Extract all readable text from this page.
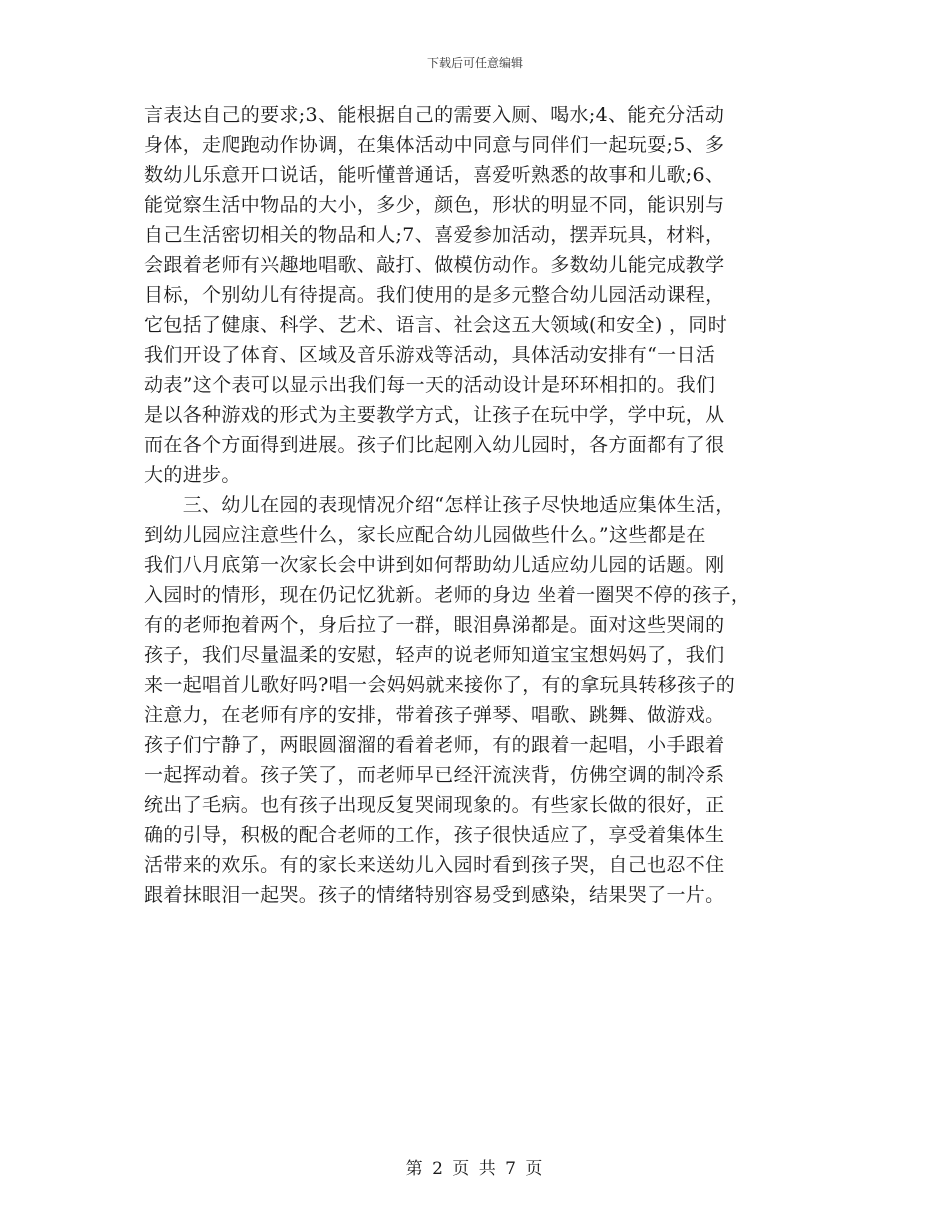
下载后可任意编辑
言表达自己的要求;3、能根据自己的需要入厕、喝水;4、能充分活动
身体，走爬跑动作协调，在集体活动中同意与同伴们一起玩耍;5、多
数幼儿乐意开口说话，能听懂普通话，喜爱听熟悉的故事和儿歌;6、
能觉察生活中物品的大小，多少，颜色，形状的明显不同，能识别与
自己生活密切相关的物品和人;7、喜爱参加活动，摆弄玩具，材料，
会跟着老师有兴趣地唱歌、敲打、做模仿动作。多数幼儿能完成教学
目标，个别幼儿有待提高。我们使用的是多元整合幼儿园活动课程，
它包括了健康、科学、艺术、语言、社会这五大领域(和安全) ，同时
我们开设了体育、区域及音乐游戏等活动，具体活动安排有“一日活
动表”这个表可以显示出我们每一天的活动设计是环环相扣的。我们
是以各种游戏的形式为主要教学方式，让孩子在玩中学，学中玩，从
而在各个方面得到进展。孩子们比起刚入幼儿园时，各方面都有了很
大的进步。
　　三、幼儿在园的表现情况介绍“怎样让孩子尽快地适应集体生活，
到幼儿园应注意些什么，家长应配合幼儿园做些什么。”这些都是在
我们八月底第一次家长会中讲到如何帮助幼儿适应幼儿园的话题。刚
入园时的情形，现在仍记忆犹新。老师的身边 坐着一圈哭不停的孩子，
有的老师抱着两个，身后拉了一群，眼泪鼻涕都是。面对这些哭闹的
孩子，我们尽量温柔的安慰，轻声的说老师知道宝宝想妈妈了，我们
来一起唱首儿歌好吗?唱一会妈妈就来接你了，有的拿玩具转移孩子的
注意力，在老师有序的安排，带着孩子弹琴、唱歌、跳舞、做游戏。
孩子们宁静了，两眼圆溜溜的看着老师，有的跟着一起唱，小手跟着
一起挥动着。孩子笑了，而老师早已经汗流浃背，仿佛空调的制冷系
统出了毛病。也有孩子出现反复哭闹现象的。有些家长做的很好，正
确的引导，积极的配合老师的工作，孩子很快适应了，享受着集体生
活带来的欢乐。有的家长来送幼儿入园时看到孩子哭，自己也忍不住
跟着抹眼泪一起哭。孩子的情绪特别容易受到感染，结果哭了一片。
第 2 页 共 7 页
